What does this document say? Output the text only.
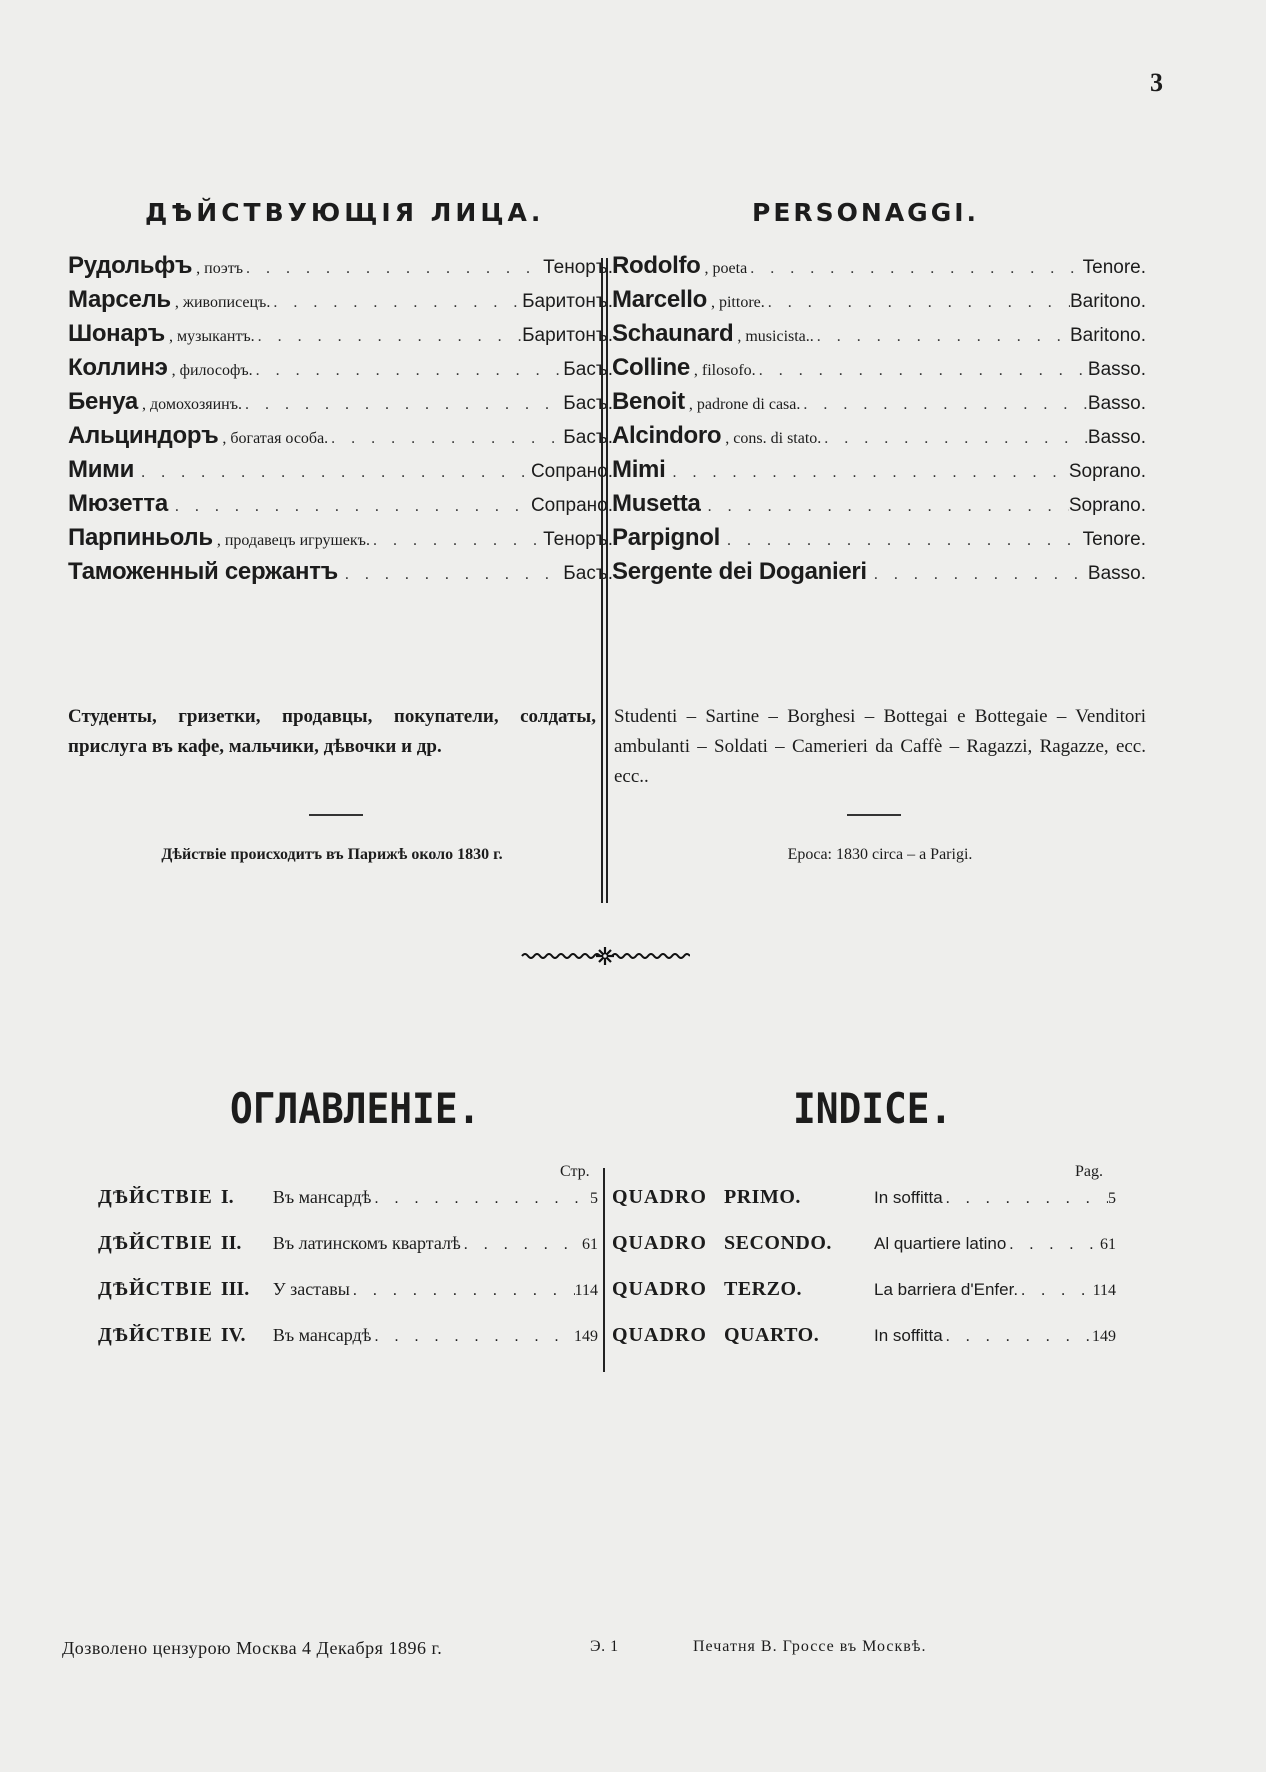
3
ДѢЙСТВУЮЩІЯ ЛИЦА.	PERSONAGGI.
Рудольфъ , поэтъ . . .	Теноръ.
Марсель , живописецъ. . . .	Баритонъ.
Шонаръ , музыкантъ. . . .	Баритонъ.
Коллинэ , философъ. . . .	Басъ.
Бенуа , домохозяинъ. . . .	Басъ.
Альциндоръ , богатая особа. . . .	Басъ.
Мими . . .	Сопрано.
Мюзетта . . .	Сопрано.
Парпиньоль , продавецъ игрушекъ. . . .	Теноръ.
Таможенный сержантъ . . .	Басъ.
Rodolfo , poeta . . .	Tenore.
Marcello , pittore. . . .	Baritono.
Schaunard , musicista.. . . .	Baritono.
Colline , filosofo. . . .	Basso.
Benoit , padrone di casa. . . .	Basso.
Alcindoro , cons. di stato. . . .	Basso.
Mimi . . .	Soprano.
Musetta . . .	Soprano.
Parpignol . . .	Tenore.
Sergente dei Doganieri . . .	Basso.
Студенты, гризетки, продавцы, покупатели, солдаты, прислуга въ кафе, мальчики, дѣвочки и др.
Studenti – Sartine – Borghesi – Bottegai e Bottegaie – Venditori ambulanti – Soldati – Camerieri da Caffè – Ragazzi, Ragazze, ecc. ecc..
Дѣйствіе происходитъ въ Парижѣ около 1830 г.	Epoca: 1830 circa – a Parigi.
ОГЛАВЛЕНІЕ.	INDICE.
Стр.	Pag.
ДѢЙСТВІЕ I.	Въ мансардѣ . . .	5
ДѢЙСТВІЕ II.	Въ латинскомъ кварталѣ . . .	61
ДѢЙСТВІЕ III.	У заставы . . .	114
ДѢЙСТВІЕ IV.	Въ мансардѣ . . .	149
QUADRO PRIMO.	In soffitta . . .	5
QUADRO SECONDO.	Al quartiere latino . . .	61
QUADRO TERZO.	La barriera d'Enfer. . . .	114
QUADRO QUARTO.	In soffitta . . .	149
Дозволено цензурою Москва 4 Декабря 1896 г.	Э. 1	Печатня В. Гроссе въ Москвѣ.
